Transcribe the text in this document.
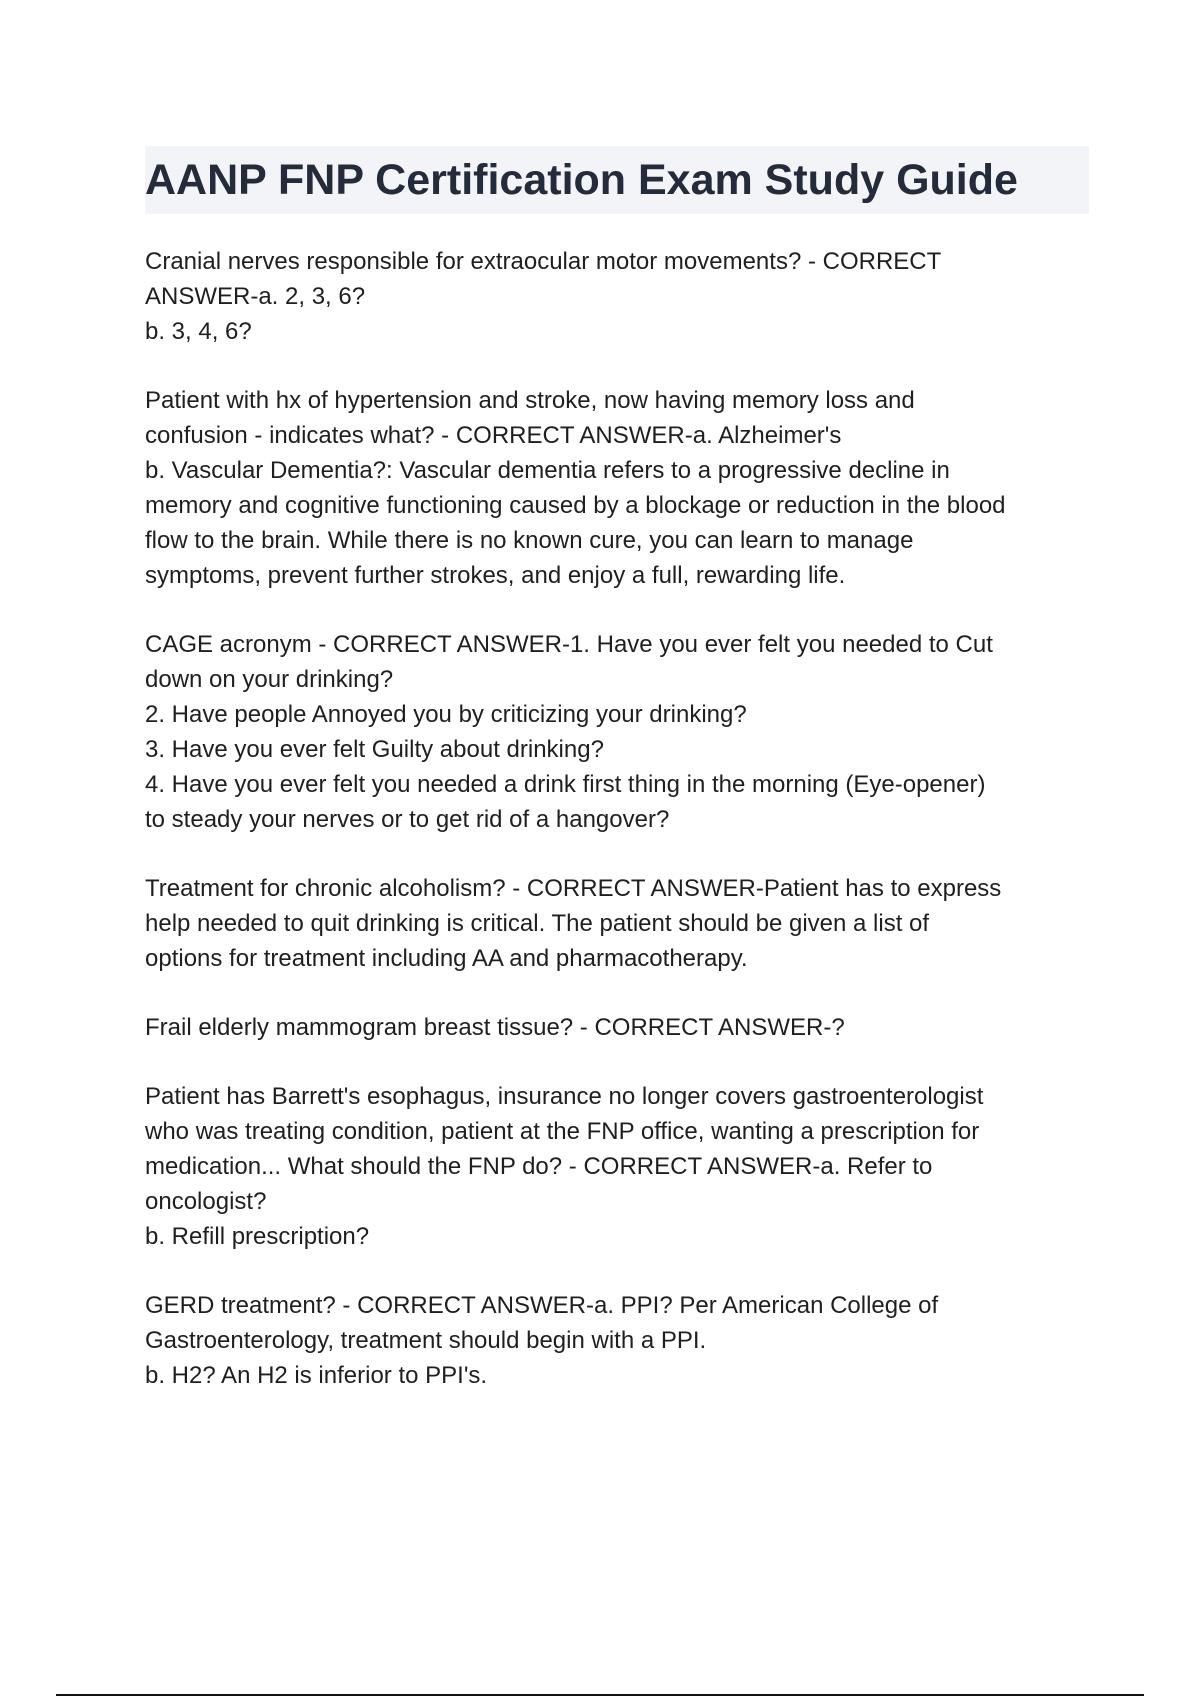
AANP FNP Certification Exam Study Guide
Cranial nerves responsible for extraocular motor movements? - CORRECT
ANSWER-a. 2, 3, 6?
b. 3, 4, 6?
Patient with hx of hypertension and stroke, now having memory loss and
confusion - indicates what? - CORRECT ANSWER-a. Alzheimer's
b. Vascular Dementia?: Vascular dementia refers to a progressive decline in
memory and cognitive functioning caused by a blockage or reduction in the blood
flow to the brain. While there is no known cure, you can learn to manage
symptoms, prevent further strokes, and enjoy a full, rewarding life.
CAGE acronym - CORRECT ANSWER-1. Have you ever felt you needed to Cut
down on your drinking?
2. Have people Annoyed you by criticizing your drinking?
3. Have you ever felt Guilty about drinking?
4. Have you ever felt you needed a drink first thing in the morning (Eye-opener)
to steady your nerves or to get rid of a hangover?
Treatment for chronic alcoholism? - CORRECT ANSWER-Patient has to express
help needed to quit drinking is critical. The patient should be given a list of
options for treatment including AA and pharmacotherapy.
Frail elderly mammogram breast tissue? - CORRECT ANSWER-?
Patient has Barrett's esophagus, insurance no longer covers gastroenterologist
who was treating condition, patient at the FNP office, wanting a prescription for
medication... What should the FNP do? - CORRECT ANSWER-a. Refer to
oncologist?
b. Refill prescription?
GERD treatment? - CORRECT ANSWER-a. PPI? Per American College of
Gastroenterology, treatment should begin with a PPI.
b. H2? An H2 is inferior to PPI's.
